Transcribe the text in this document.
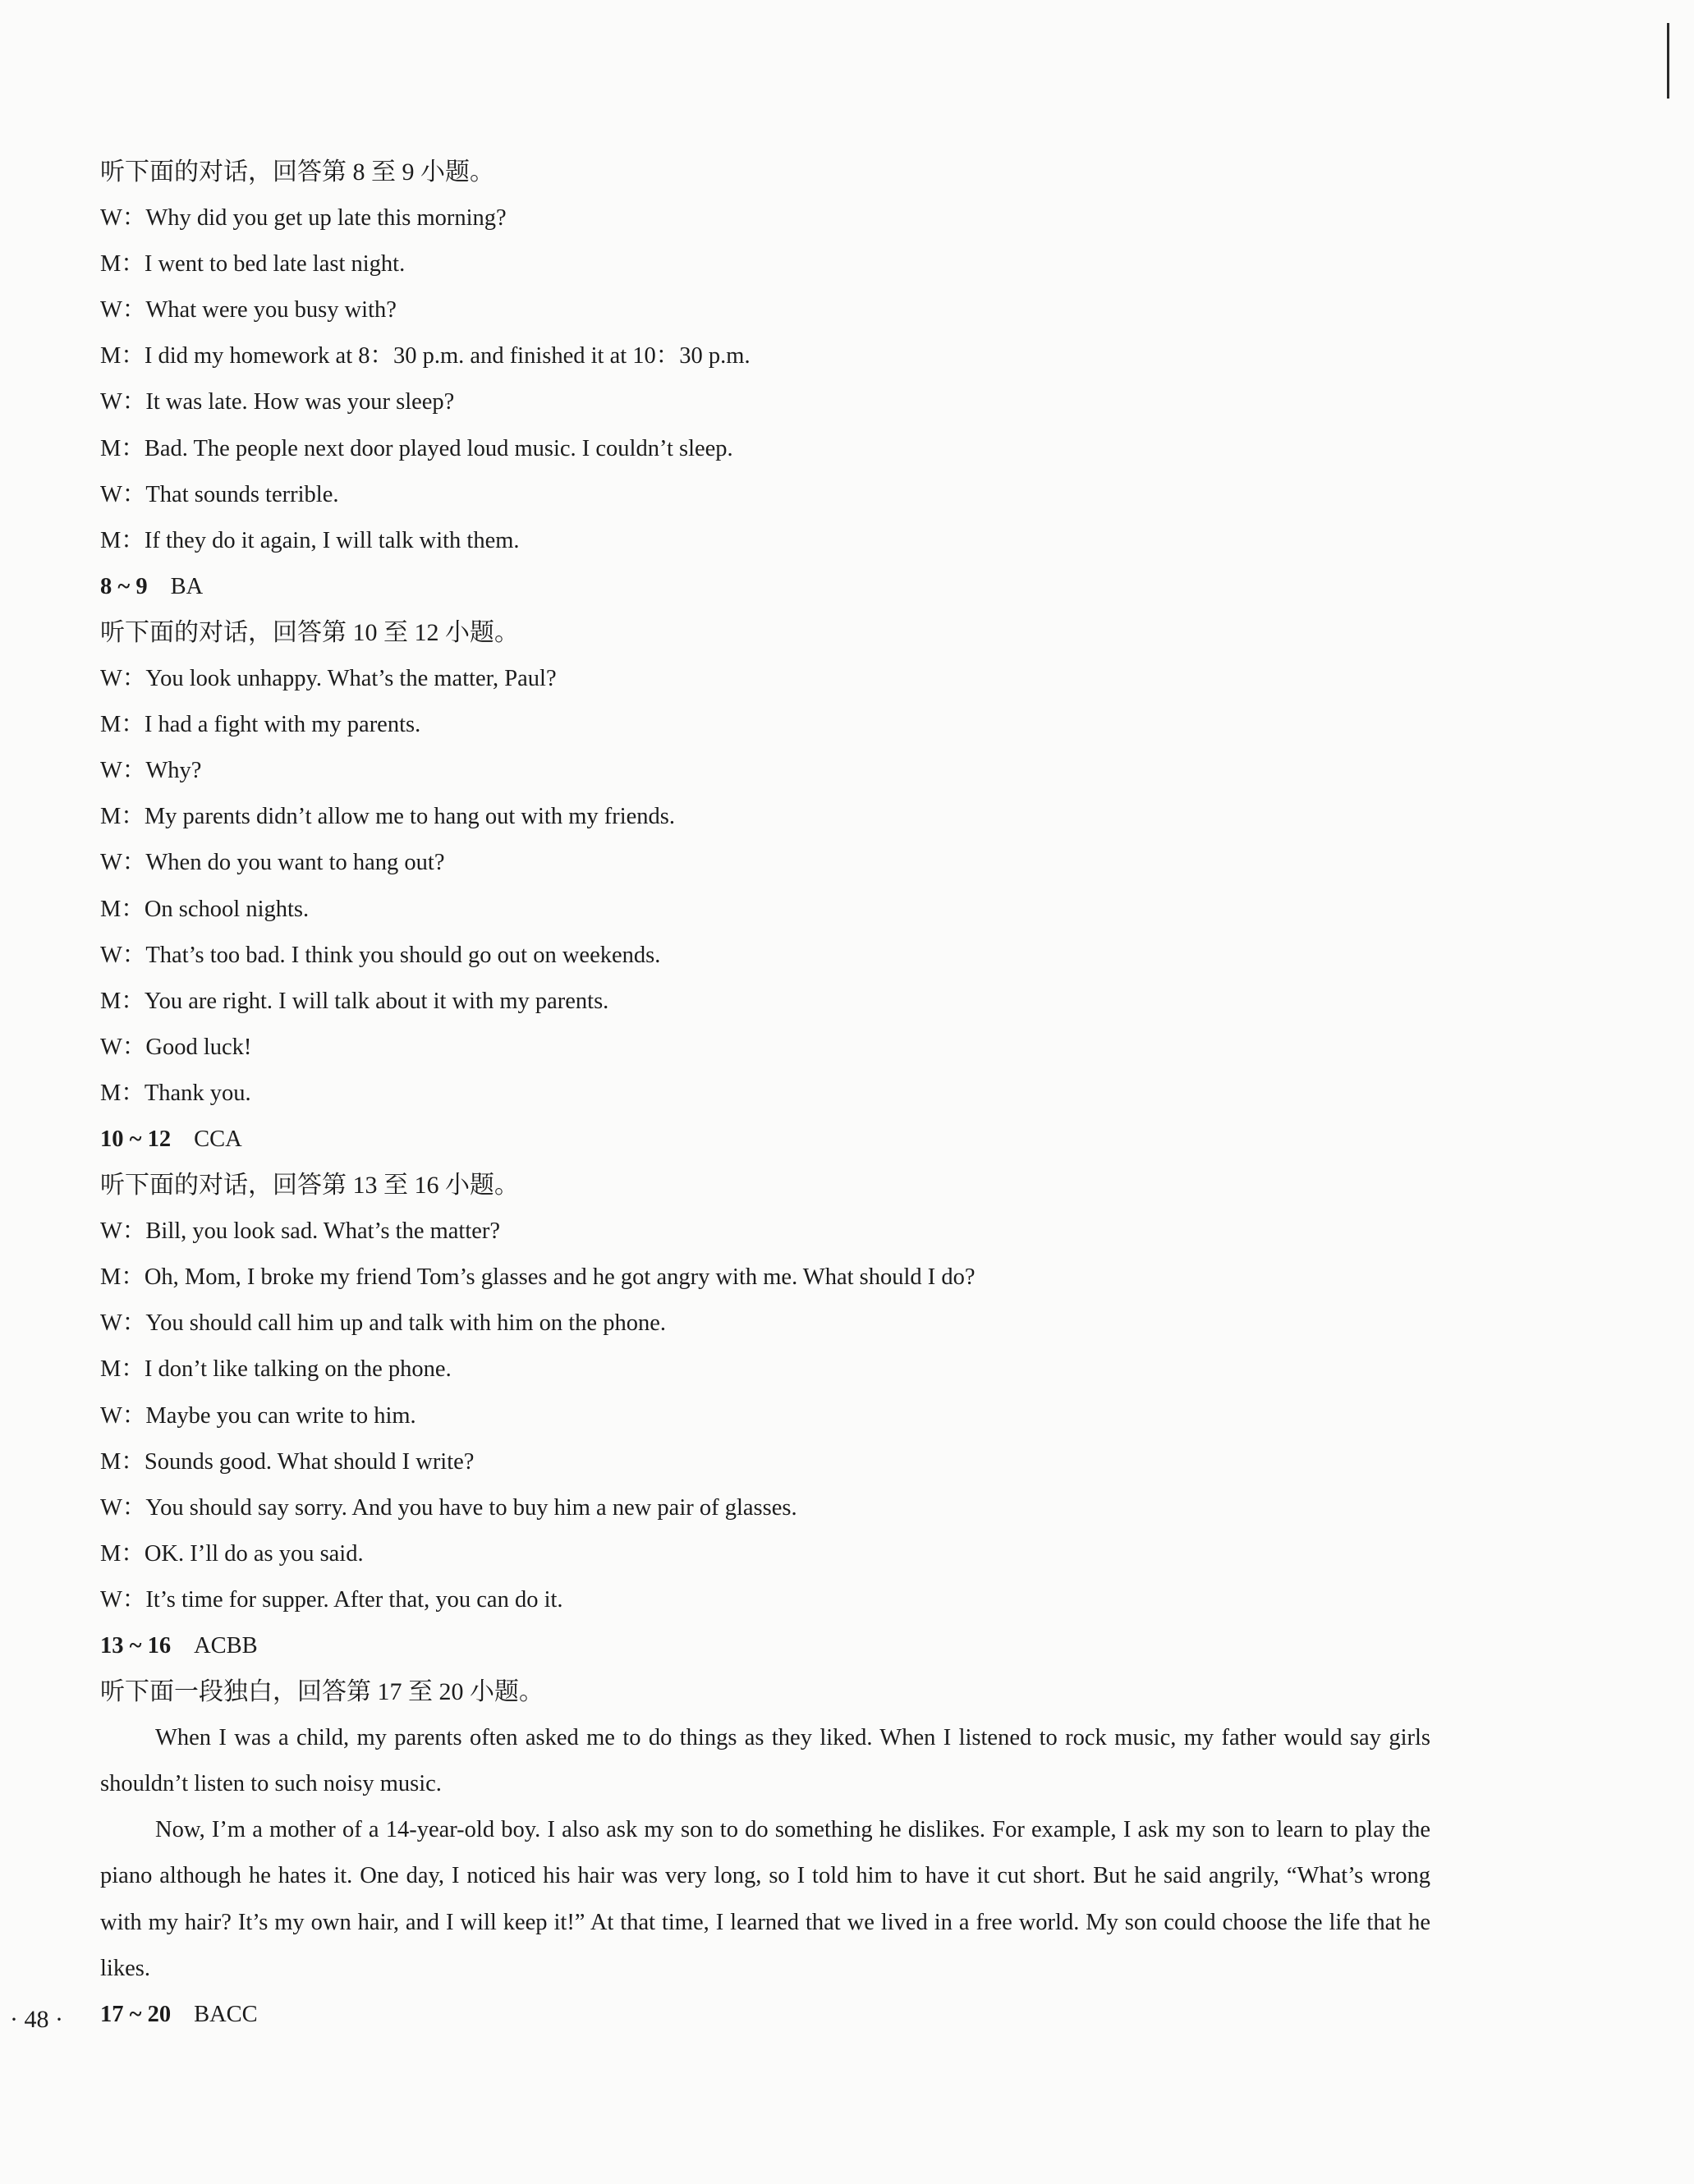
听下面的对话，回答第 8 至 9 小题。
W：Why did you get up late this morning?
M：I went to bed late last night.
W：What were you busy with?
M：I did my homework at 8：30 p.m. and finished it at 10：30 p.m.
W：It was late. How was your sleep?
M：Bad. The people next door played loud music. I couldn’t sleep.
W：That sounds terrible.
M：If they do it again, I will talk with them.
8 ~ 9 BA
听下面的对话，回答第 10 至 12 小题。
W：You look unhappy. What’s the matter, Paul?
M：I had a fight with my parents.
W：Why?
M：My parents didn’t allow me to hang out with my friends.
W：When do you want to hang out?
M：On school nights.
W：That’s too bad. I think you should go out on weekends.
M：You are right. I will talk about it with my parents.
W：Good luck!
M：Thank you.
10 ~ 12 CCA
听下面的对话，回答第 13 至 16 小题。
W：Bill, you look sad. What’s the matter?
M：Oh, Mom, I broke my friend Tom’s glasses and he got angry with me. What should I do?
W：You should call him up and talk with him on the phone.
M：I don’t like talking on the phone.
W：Maybe you can write to him.
M：Sounds good. What should I write?
W：You should say sorry. And you have to buy him a new pair of glasses.
M：OK. I’ll do as you said.
W：It’s time for supper. After that, you can do it.
13 ~ 16 ACBB
听下面一段独白，回答第 17 至 20 小题。
When I was a child, my parents often asked me to do things as they liked. When I listened to rock music, my father would say girls shouldn’t listen to such noisy music.
Now, I’m a mother of a 14-year-old boy. I also ask my son to do something he dislikes. For example, I ask my son to learn to play the piano although he hates it. One day, I noticed his hair was very long, so I told him to have it cut short. But he said angrily, “What’s wrong with my hair? It’s my own hair, and I will keep it!” At that time, I learned that we lived in a free world. My son could choose the life that he likes.
17 ~ 20 BACC
· 48 ·
